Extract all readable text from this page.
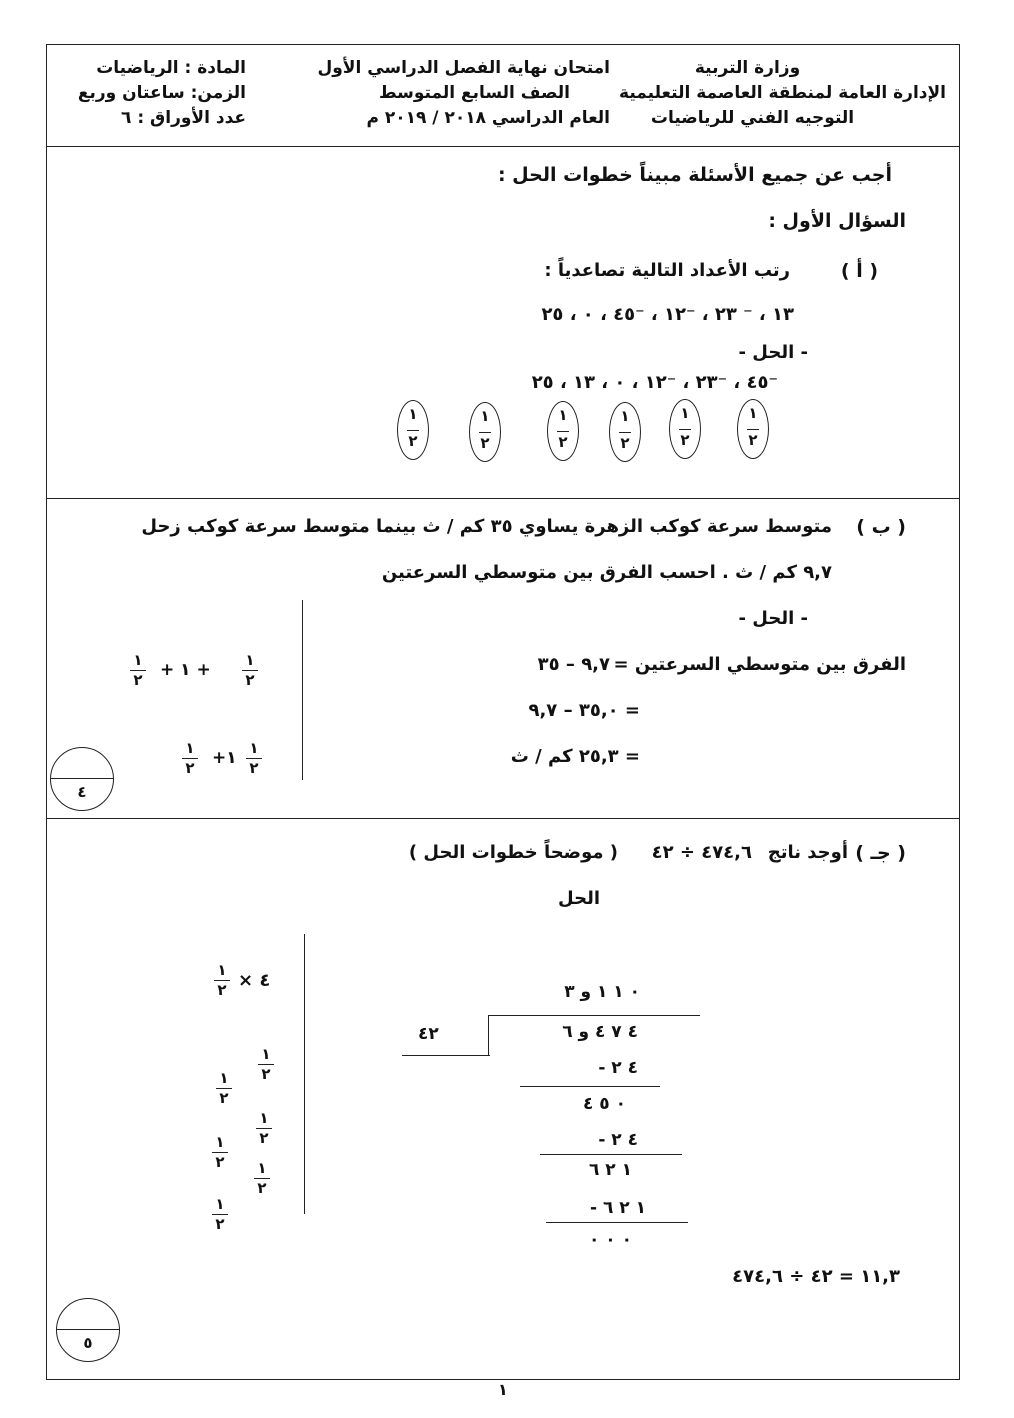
وزارة التربية
الإدارة العامة لمنطقة العاصمة التعليمية
التوجيه الفني للرياضيات
امتحان نهاية الفصل الدراسي الأول
الصف السابع المتوسط
العام الدراسي ٢٠١٨ / ٢٠١٩ م
المادة : الرياضيات
الزمن: ساعتان وربع
عدد الأوراق : ٦
أجب عن جميع الأسئلة مبيناً خطوات الحل :
السؤال الأول :
( أ )
رتب الأعداد التالية تصاعدياً :
١٣ ، ⁻ ٢٣ ، ⁻١٢ ، ⁻٤٥ ، ٠ ، ٢٥
- الحل -
⁻٤٥ ، ⁻٢٣ ، ⁻١٢ ، ٠ ، ١٣ ، ٢٥
١
٢
١
٢
١
٢
١
٢
١
٢
١
٢
( ب )
متوسط سرعة كوكب الزهرة يساوي ٣٥ كم / ث بينما متوسط سرعة كوكب زحل
٩,٧ كم / ث . احسب الفرق بين متوسطي السرعتين
- الحل -
الفرق بين متوسطي السرعتين =
٩,٧ – ٣٥
= ٣٥,٠ – ٩,٧
= ٢٥,٣ كم / ث
١
٢	+ ١ +	١
٢
١
٢	+١ ١
٢
٤
( جـ )
أوجد ناتج
٤٧٤,٦ ÷ ٤٢
( موضحاً خطوات الحل )
الحل
٠ ١ ١ و ٣
٤٢	٤ ٧ ٤ و ٦
٤ ٢ -
٠ ٥ ٤
٤ ٢ -
١ ٢ ٦
١ ٢ ٦ -
٠ ٠ ٠
١١,٣ = ٤٢ ÷ ٤٧٤,٦
١
٢ × ٤
١
٢
١
٢
١
٢
١
٢	١
٢
١
٢
٥
١
